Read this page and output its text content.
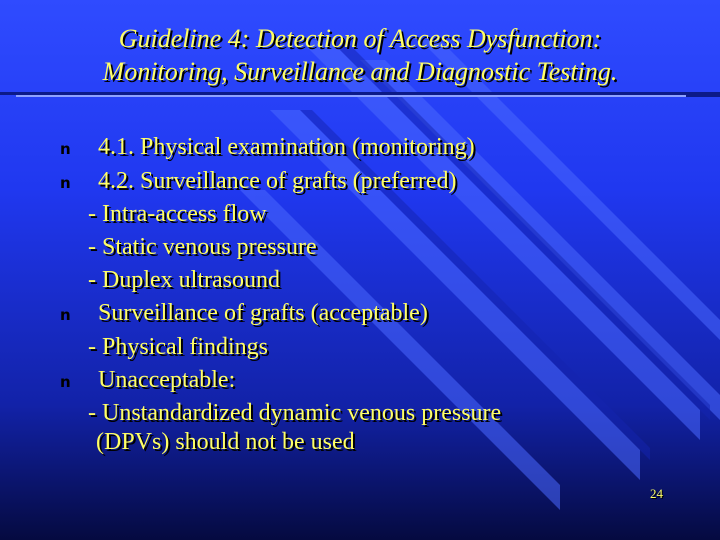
Guideline 4: Detection of Access Dysfunction:
Monitoring, Surveillance and Diagnostic Testing.
n 4.1. Physical examination (monitoring)
n 4.2. Surveillance of grafts (preferred)
- Intra-access flow
- Static venous pressure
- Duplex ultrasound
n Surveillance of grafts (acceptable)
- Physical findings
n Unacceptable:
- Unstandardized dynamic venous pressure
(DPVs) should not be used
24
